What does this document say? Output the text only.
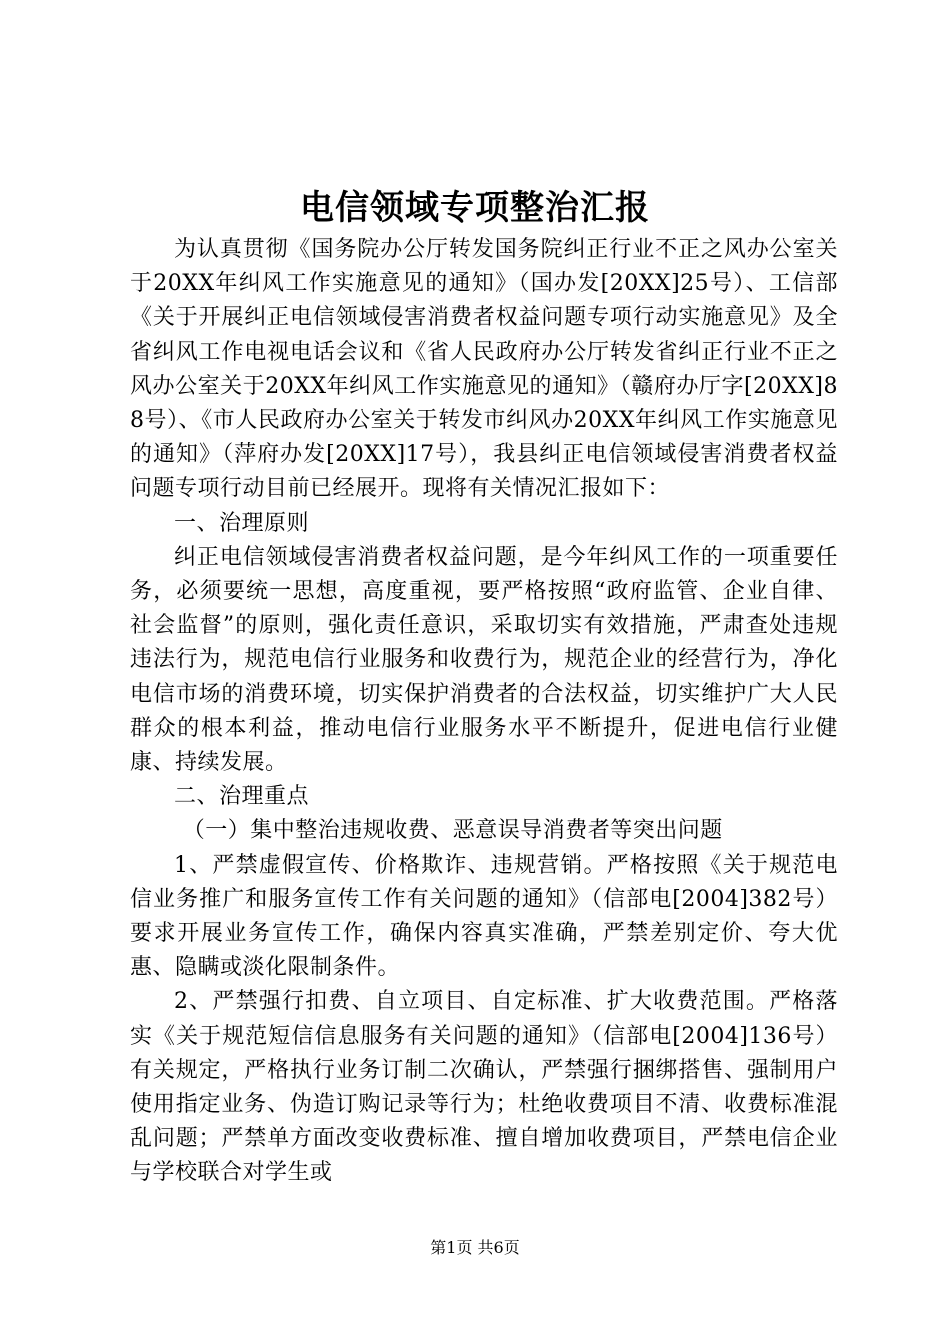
电信领域专项整治汇报

为认真贯彻《国务院办公厅转发国务院纠正行业不正之风办公室关于20XX年纠风工作实施意见的通知》（国办发[20XX]25号）、工信部《关于开展纠正电信领域侵害消费者权益问题专项行动实施意见》及全省纠风工作电视电话会议和《省人民政府办公厅转发省纠正行业不正之风办公室关于20XX年纠风工作实施意见的通知》（赣府办厅字[20XX]88号）、《市人民政府办公室关于转发市纠风办20XX年纠风工作实施意见的通知》（萍府办发[20XX]17号），我县纠正电信领域侵害消费者权益问题专项行动目前已经展开。现将有关情况汇报如下：

一、治理原则

纠正电信领域侵害消费者权益问题，是今年纠风工作的一项重要任务，必须要统一思想，高度重视，要严格按照“政府监管、企业自律、社会监督”的原则，强化责任意识，采取切实有效措施，严肃查处违规违法行为，规范电信行业服务和收费行为，规范企业的经营行为，净化电信市场的消费环境，切实保护消费者的合法权益，切实维护广大人民群众的根本利益，推动电信行业服务水平不断提升，促进电信行业健康、持续发展。

二、治理重点

（一）集中整治违规收费、恶意误导消费者等突出问题

1、严禁虚假宣传、价格欺诈、违规营销。严格按照《关于规范电信业务推广和服务宣传工作有关问题的通知》（信部电[2004]382号）要求开展业务宣传工作，确保内容真实准确，严禁差别定价、夸大优惠、隐瞒或淡化限制条件。

2、严禁强行扣费、自立项目、自定标准、扩大收费范围。严格落实《关于规范短信信息服务有关问题的通知》（信部电[2004]136号）有关规定，严格执行业务订制二次确认，严禁强行捆绑搭售、强制用户使用指定业务、伪造订购记录等行为；杜绝收费项目不清、收费标准混乱问题；严禁单方面改变收费标准、擅自增加收费项目，严禁电信企业与学校联合对学生或

第1页 共6页
